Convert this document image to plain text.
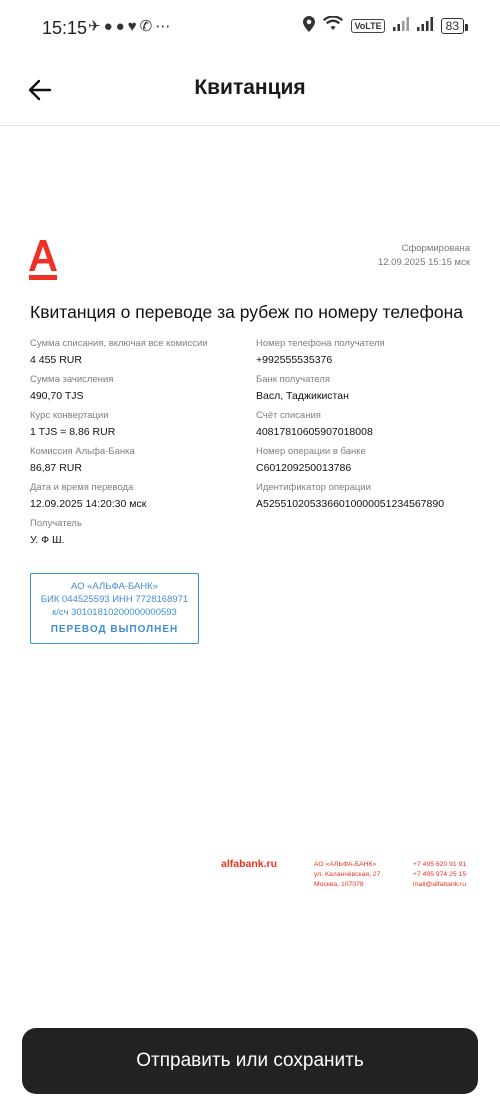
15:15 ✈ ● ● ♥ ✆ ⋯	VoLTE	83
Квитанция
Сформирована
12.09.2025 15:15 мск
Квитанция о переводе за рубеж по номеру телефона
Сумма списания, включая все комиссии
4 455 RUR
Сумма зачисления
490,70 TJS
Курс конвертации
1 TJS = 8.86 RUR
Комиссия Альфа-Банка
86,87 RUR
Дата и время перевода
12.09.2025 14:20:30 мск
Получатель
У. Ф Ш.
Номер телефона получателя
+992555535376
Банк получателя
Васл, Таджикистан
Счёт списания
40817810605907018008
Номер операции в банке
C601209250013786
Идентификатор операции
A5255102053366010000051234567890
АО «АЛЬФА-БАНК»
БИК 044525593 ИНН 7728168971
к/сч 30101810200000000593
ПЕРЕВОД ВЫПОЛНЕН
alfabank.ru	АО «АЛЬФА-БАНК»
ул. Каланчёвская, 27
Москва, 107078
+7 495 620 91 91
+7 495 974 25 15
mail@alfabank.ru
Отправить или сохранить
